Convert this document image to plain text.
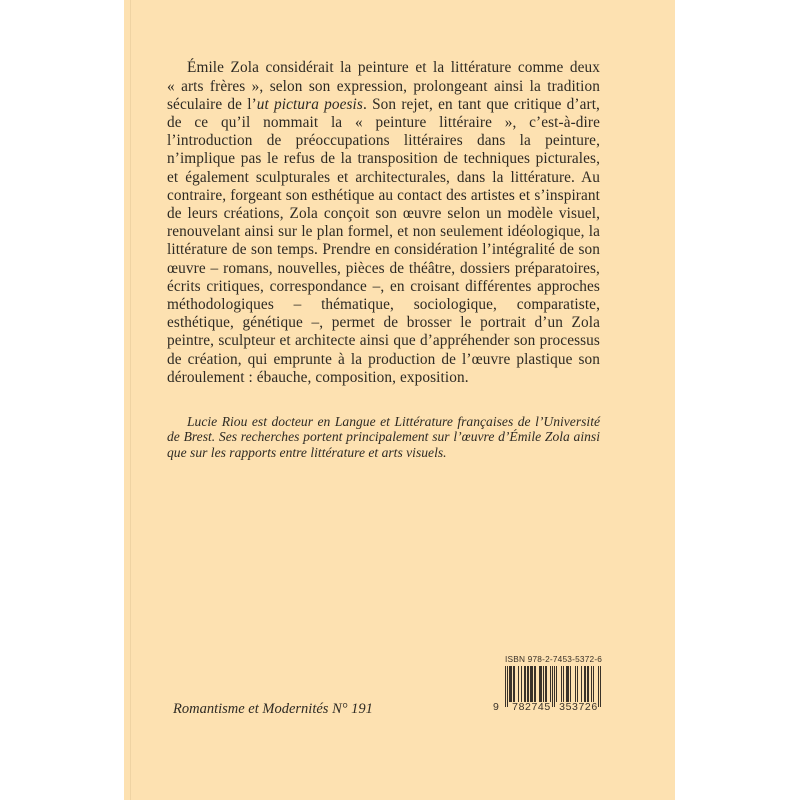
Émile Zola considérait la peinture et la littérature comme deux « arts frères », selon son expression, prolongeant ainsi la tradition séculaire de l’ut pictura poesis. Son rejet, en tant que critique d’art, de ce qu’il nommait la « peinture littéraire », c’est-à-dire l’introduction de préoccupations littéraires dans la peinture, n’implique pas le refus de la transposition de techniques picturales, et également sculpturales et architecturales, dans la littérature. Au contraire, forgeant son esthétique au contact des artistes et s’inspirant de leurs créations, Zola conçoit son œuvre selon un modèle visuel, renouvelant ainsi sur le plan formel, et non seulement idéologique, la littérature de son temps. Prendre en considération l’intégralité de son œuvre – romans, nouvelles, pièces de théâtre, dossiers préparatoires, écrits critiques, correspondance –, en croisant différentes approches méthodologiques – thématique, sociologique, comparatiste, esthétique, génétique –, permet de brosser le portrait d’un Zola peintre, sculpteur et architecte ainsi que d’appréhender son processus de création, qui emprunte à la production de l’œuvre plastique son déroulement : ébauche, composition, exposition.

Lucie Riou est docteur en Langue et Littérature françaises de l’Université de Brest. Ses recherches portent principalement sur l’œuvre d’Émile Zola ainsi que sur les rapports entre littérature et arts visuels.

Romantisme et Modernités N° 191
ISBN 978-2-7453-5372-6
9	782745 353726
